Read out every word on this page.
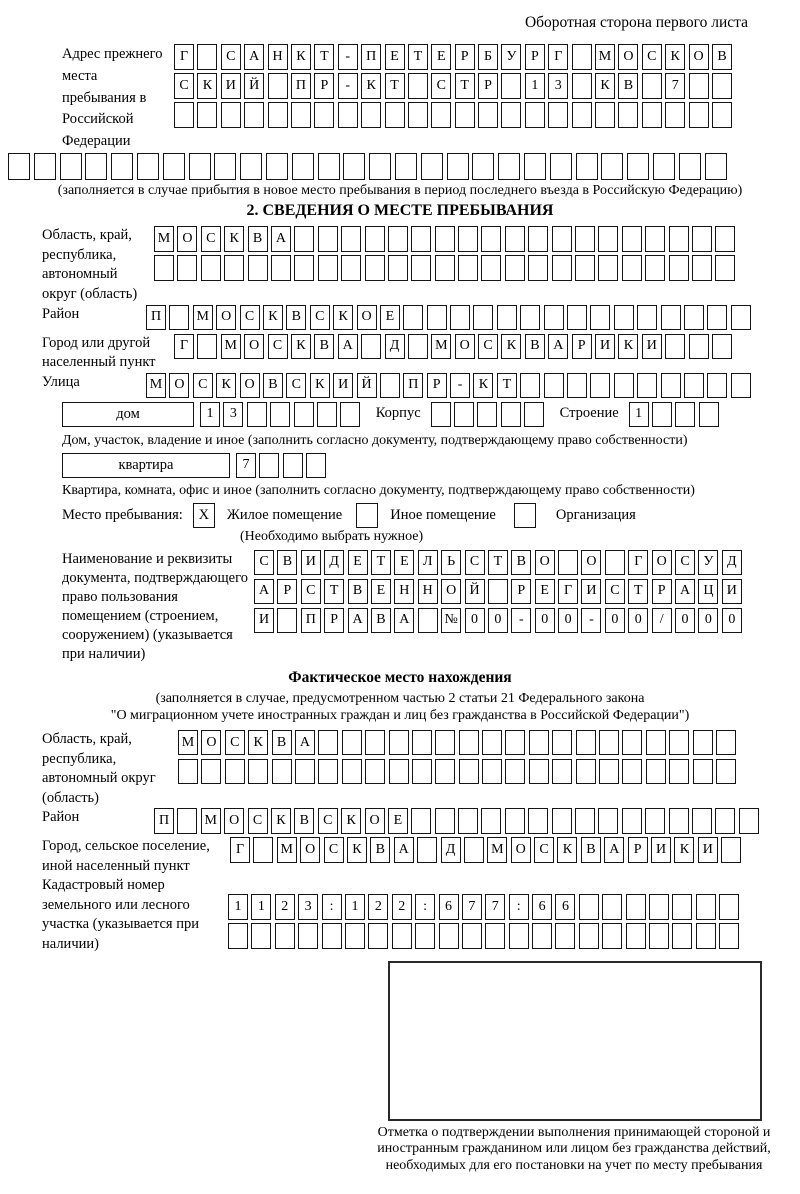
Оборотная сторона первого листа
Адрес прежнего места пребывания в Российской Федерации
Г	С А Н К	Т	-	П	Е	Т	Е	Р	Б	У	Р	Г	М О С	К О В
С	К И Й	П	Р	-	К	Т	С	Т	Р	1	3	К	В	7
(заполняется в случае прибытия в новое место пребывания в период последнего въезда в Российскую Федерацию)
2. СВЕДЕНИЯ О МЕСТЕ ПРЕБЫВАНИЯ
Область, край, республика, автономный округ (область)
М О С	К	В А
Район	П	М О С	К	В	С	К О	Е
Город или другой населенный пункт
Г	М О С	К	В А	Д	М О С	К	В А	Р	И К И
Улица	М О С	К О В	С	К И Й	П	Р	-	К	Т
дом	1	3	Корпус	Строение	1
Дом, участок, владение и иное (заполнить согласно документу, подтверждающему право собственности)
квартира	7
Квартира, комната, офис и иное (заполнить согласно документу, подтверждающему право собственности)
Место пребывания:	X	Жилое помещение	Иное помещение	Организация
(Необходимо выбрать нужное)
Наименование и реквизиты документа, подтверждающего право пользования помещением (строением, сооружением) (указывается при наличии)
С	В И Д	Е	Т	Е	Л	Ь	С	Т	В О	О	Г	О С У Д
А	Р	С	Т	В	Е	Н Н О Й	Р	Е	Г	И С	Т	Р	А Ц И
И	П	Р	А В А	№ 0	0	-	0	0	-	0	0	/	0	0	0
Фактическое место нахождения
(заполняется в случае, предусмотренном частью 2 статьи 21 Федерального закона
"О миграционном учете иностранных граждан и лиц без гражданства в Российской Федерации")
Область, край, республика, автономный округ (область)
М О С	К	В А
Район	П	М О С	К	В	С	К О	Е
Город, сельское поселение, иной населенный пункт
Г	М О С	К	В А	Д	М О С	К	В А	Р	И К И
Кадастровый номер земельного или лесного участка (указывается при наличии)
1	1	2	3	:	1	2	2	:	6	7	7	:	6	6
Отметка о подтверждении выполнения принимающей стороной и иностранным гражданином или лицом без гражданства действий, необходимых для его постановки на учет по месту пребывания
